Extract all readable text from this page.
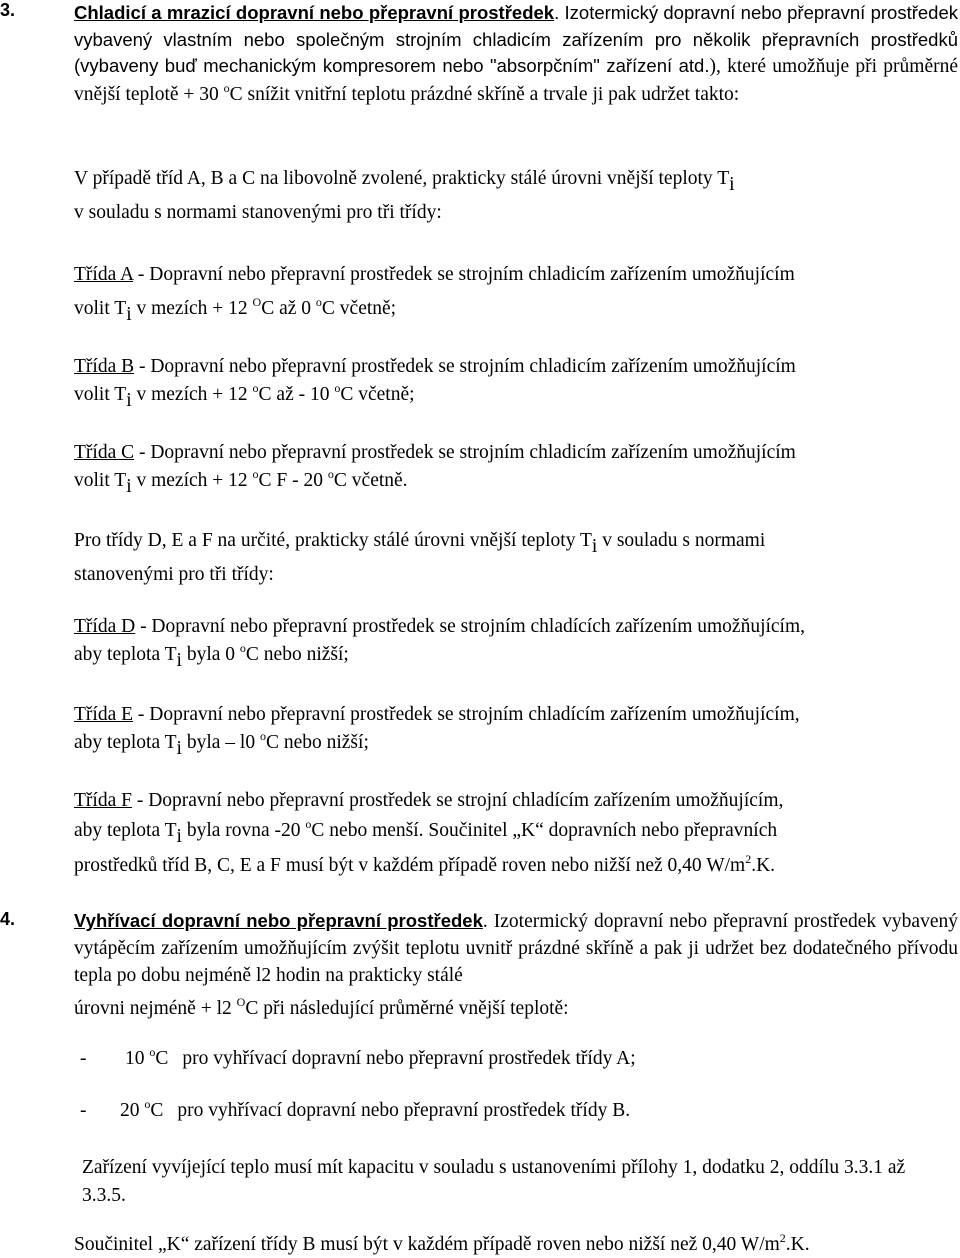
3.	Chladicí a mrazicí dopravní nebo přepravní prostředek. Izotermický dopravní nebo přepravní prostředek vybavený vlastním nebo společným strojním chladicím zařízením pro několik přepravních prostředků (vybaveny buď mechanickým kompresorem nebo "absorpčním" zařízení atd.), které umožňuje při průměrné vnější teplotě + 30 $^o$C snížit vnitřní teplotu prázdné skříně a trvale ji pak udržet takto:
V případě tříd A, B a C na libovolně zvolené, prakticky stálé úrovni vnější teploty $T_i$
v souladu s normami stanovenými pro tři třídy:
Třída A - Dopravní nebo přepravní prostředek se strojním chladicím zařízením umožňujícím
volit $T_i$ v mezích + 12 $^O$C až 0 $^o$C včetně;
Třída B - Dopravní nebo přepravní prostředek se strojním chladicím zařízením umožňujícím
volit $T_i$ v mezích + 12 $^o$C až - 10 $^o$C včetně;
Třída C - Dopravní nebo přepravní prostředek se strojním chladicím zařízením umožňujícím
volit $T_i$ v mezích + 12 $^o$C F - 20 $^o$C včetně.
Pro třídy D, E a F na určité, prakticky stálé úrovni vnější teploty $T_i$ v souladu s normami
stanovenými pro tři třídy:
Třída D - Dopravní nebo přepravní prostředek se strojním chladících zařízením umožňujícím,
aby teplota $T_i$ byla 0 $^o$C nebo nižší;
Třída E - Dopravní nebo přepravní prostředek se strojním chladícím zařízením umožňujícím,
aby teplota $T_i$ byla – l0 $^o$C nebo nižší;
Třída F - Dopravní nebo přepravní prostředek se strojní chladícím zařízením umožňujícím,
aby teplota $T_i$ byla rovna -20 $^o$C nebo menší. Součinitel „K“ dopravních nebo přepravních
prostředků tříd B, C, E a F musí být v každém případě roven nebo nižší než 0,40 $W/m^2.K$.
4.	Vyhřívací dopravní nebo přepravní prostředek. Izotermický dopravní nebo přepravní prostředek vybavený vytápěcím zařízením umožňujícím zvýšit teplotu uvnitř prázdné skříně a pak ji udržet bez dodatečného přívodu tepla po dobu nejméně l2 hodin na prakticky stálé
úrovni nejméně + l2 $^O$C při následující průměrné vnější teplotě:
- 10 $^o$C pro vyhřívací dopravní nebo přepravní prostředek třídy A;
- 20 $^o$C pro vyhřívací dopravní nebo přepravní prostředek třídy B.
Zařízení vyvíjející teplo musí mít kapacitu v souladu s ustanoveními přílohy 1, dodatku 2, oddílu 3.3.1 až 3.3.5.
Součinitel „K“ zařízení třídy B musí být v každém případě roven nebo nižší než 0,40 $W/m^2.K$.
